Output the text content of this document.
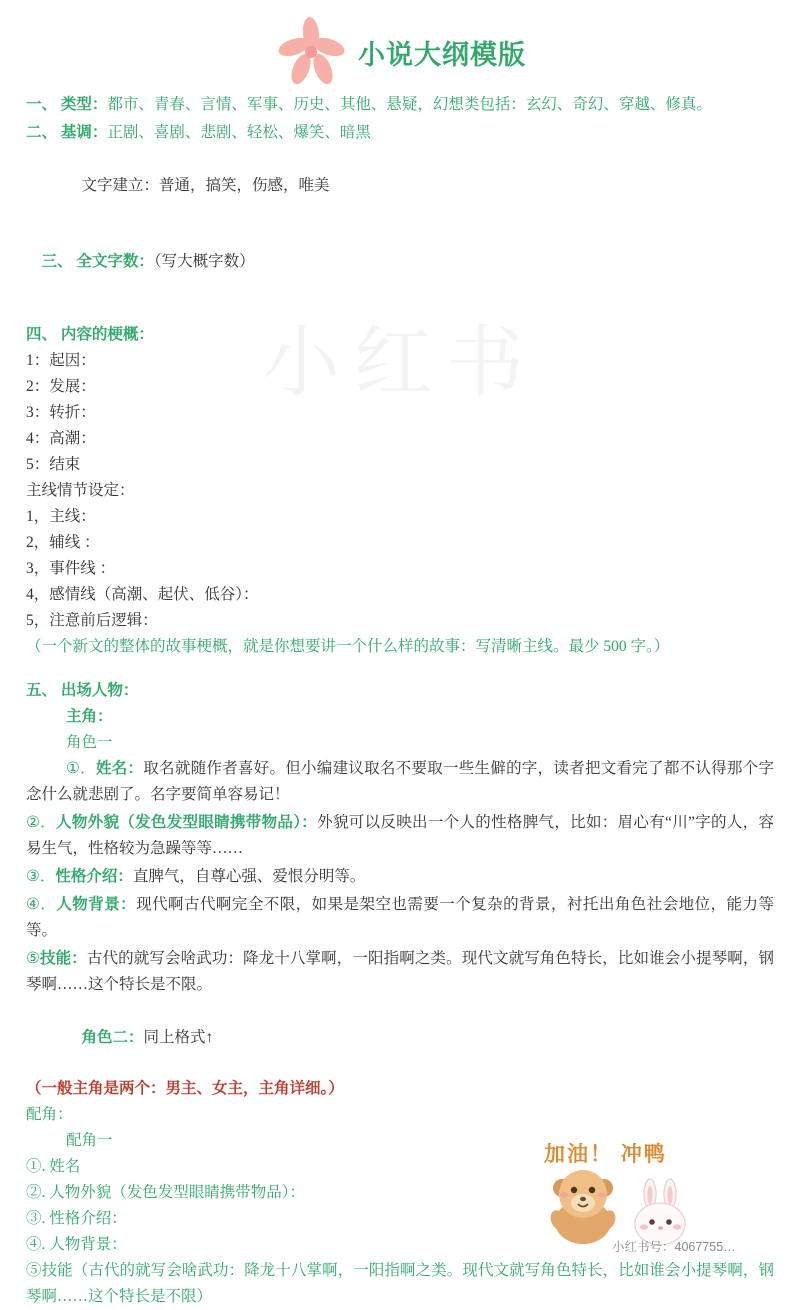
小说大纲模版
一、 类型：都市、青春、言情、军事、历史、其他、悬疑，幻想类包括：玄幻、奇幻、穿越、修真。
二、 基调：正剧、喜剧、悲剧、轻松、爆笑、暗黑

文字建立：普通，搞笑，伤感，唯美

三、 全文字数：（写大概字数）

四、 内容的梗概：
1：起因：
2：发展：
3：转折：
4：高潮：
5：结束
主线情节设定：
1，主线：
2，辅线 ：
3，事件线 ：
4，感情线（高潮、起伏、低谷）：
5，注意前后逻辑：
（一个新文的整体的故事梗概，就是你想要讲一个什么样的故事：写清晰主线。最少 500 字。）
五、 出场人物：
主角：
角色一
①．姓名：取名就随作者喜好。但小编建议取名不要取一些生僻的字，读者把文看完了都不认得那个字念什么就悲剧了。名字要简单容易记！
②．人物外貌（发色发型眼睛携带物品）：外貌可以反映出一个人的性格脾气，比如：眉心有“川”字的人，容易生气，性格较为急躁等等……
③．性格介绍：直脾气，自尊心强、爱恨分明等。
④．人物背景：现代啊古代啊完全不限，如果是架空也需要一个复杂的背景，衬托出角色社会地位，能力等等。
⑤技能：古代的就写会啥武功：降龙十八掌啊，一阳指啊之类。现代文就写角色特长，比如谁会小提琴啊，钢琴啊……这个特长是不限。

角色二：同上格式↑

（一般主角是两个：男主、女主，主角详细。）
配角：
配角一
①. 姓名
②. 人物外貌（发色发型眼睛携带物品）：
③. 性格介绍：
④. 人物背景：
⑤技能（古代的就写会啥武功：降龙十八掌啊，一阳指啊之类。现代文就写角色特长，比如谁会小提琴啊，钢琴啊……这个特长是不限）
加油！ 冲鸭
小红书号：4067755…
